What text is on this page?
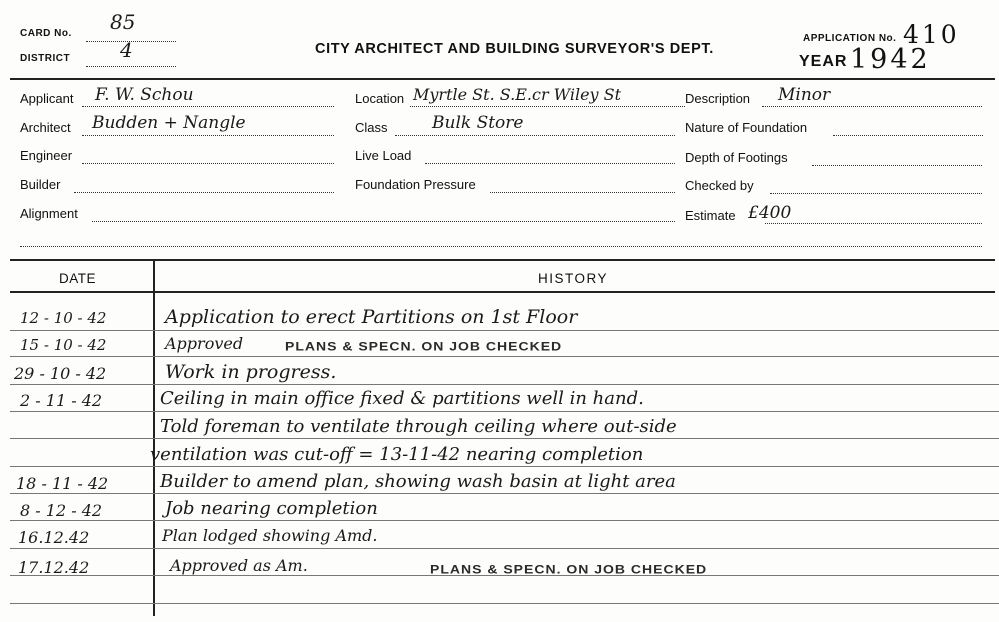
CARD No. 85
DISTRICT 4	CITY ARCHITECT AND BUILDING SURVEYOR'S DEPT.
APPLICATION No. 410
YEAR 1942
Applicant F. W. Schou	Location Myrtle St. S.E.cr Wiley St	Description Minor
Architect Budden + Nangle	Class	Bulk Store	Nature of Foundation
Engineer	Live Load	Depth of Footings
Builder	Foundation Pressure	Checked by
Alignment	Estimate £400
DATE	HISTORY
12 - 10 - 42	Application to erect Partitions on 1st Floor
15 - 10 - 42	Approved	PLANS & SPECN. ON JOB CHECKED
29 - 10 - 42	Work in progress.
2 - 11 - 42	Ceiling in main office fixed & partitions well in hand.
Told foreman to ventilate through ceiling where out-side
ventilation was cut-off = 13-11-42 nearing completion
18 - 11 - 42	Builder to amend plan, showing wash basin at light area
8 - 12 - 42	Job nearing completion
16.12.42	Plan lodged showing Amd.
17.12.42	Approved as Am.	PLANS & SPECN. ON JOB CHECKED
